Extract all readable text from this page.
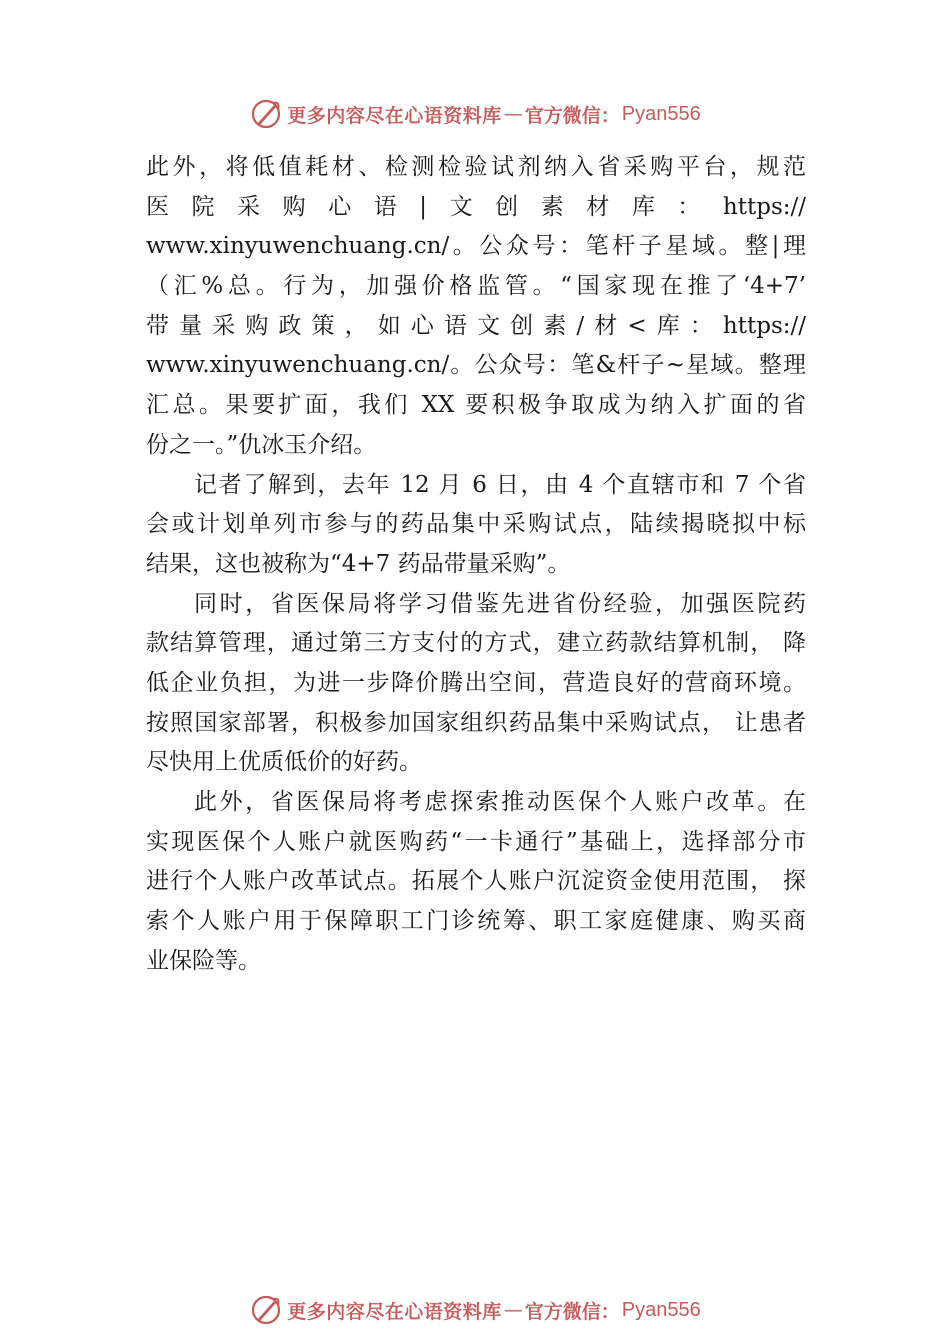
更多内容尽在心语资料库 — 官方微信： Pyan556
此外，将低值耗材、检测检验试剂纳入省采购平台，规范
医院采购心语|文创素材库：https://
www.xinyuwenchuang.cn/。公众号：笔杆子星域。整|理
（汇%总。行为，加强价格监管。“国家现在推了‘4+7’
带量采购政策，如心语文创素/材<库：https://
www.xinyuwenchuang.cn/。公众号：笔&杆子~星域。整理
汇总。果要扩面，我们 XX 要积极争取成为纳入扩面的省
份之一。”仇冰玉介绍。
记者了解到，去年 12 月 6 日，由 4 个直辖市和 7 个省
会或计划单列市参与的药品集中采购试点，陆续揭晓拟中标
结果，这也被称为“4+7 药品带量采购”。
同时，省医保局将学习借鉴先进省份经验，加强医院药
款结算管理，通过第三方支付的方式，建立药款结算机制， 降
低企业负担，为进一步降价腾出空间，营造良好的营商环境。
按照国家部署，积极参加国家组织药品集中采购试点， 让患者
尽快用上优质低价的好药。
此外，省医保局将考虑探索推动医保个人账户改革。在
实现医保个人账户就医购药“一卡通行”基础上，选择部分市
进行个人账户改革试点。拓展个人账户沉淀资金使用范围， 探
索个人账户用于保障职工门诊统筹、职工家庭健康、购买商
业保险等。
更多内容尽在心语资料库 — 官方微信： Pyan556
